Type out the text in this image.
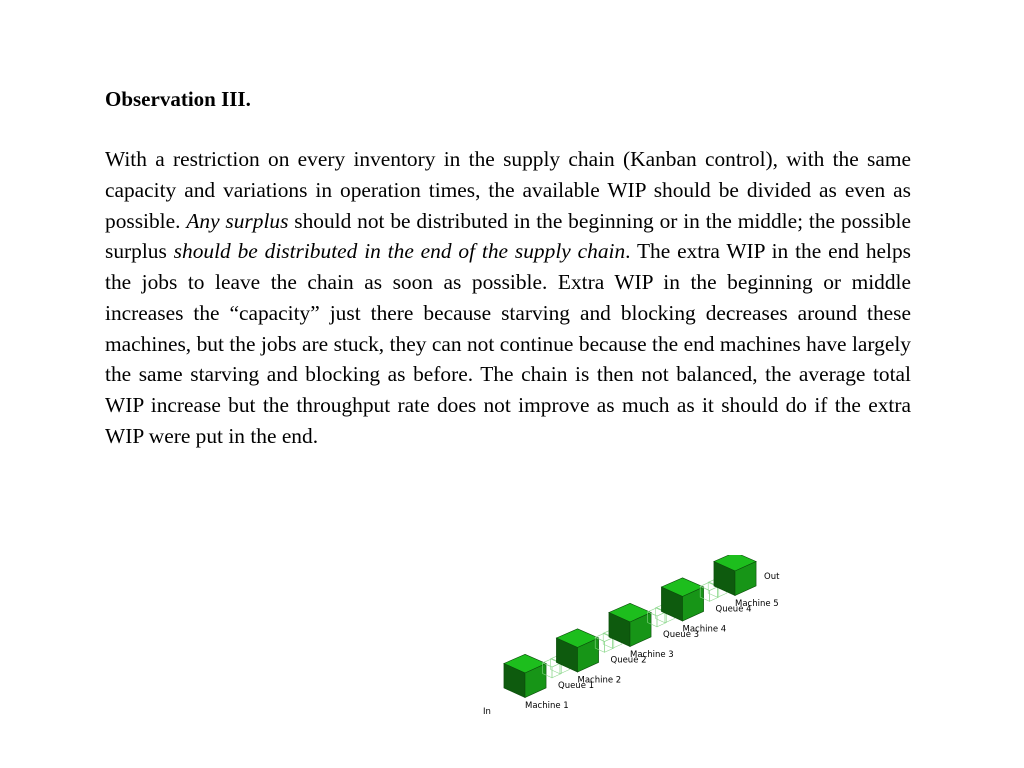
Observation III.

With a restriction on every inventory in the supply chain (Kanban control), with the same capacity and variations in operation times, the available WIP should be divided as even as possible. Any surplus should not be distributed in the beginning or in the middle; the possible surplus should be distributed in the end of the supply chain. The extra WIP in the end helps the jobs to leave the chain as soon as possible. Extra WIP in the beginning or middle increases the “capacity” just there because starving and blocking decreases around these machines, but the jobs are stuck, they can not continue because the end machines have largely the same starving and blocking as before. The chain is then not balanced, the average total WIP increase but the throughput rate does not improve as much as it should do if the extra WIP were put in the end.

Machine 1
Queue 1
Machine 2
Queue 2
Machine 3
Queue 3
Machine 4
Queue 4
Machine 5
In
Out
